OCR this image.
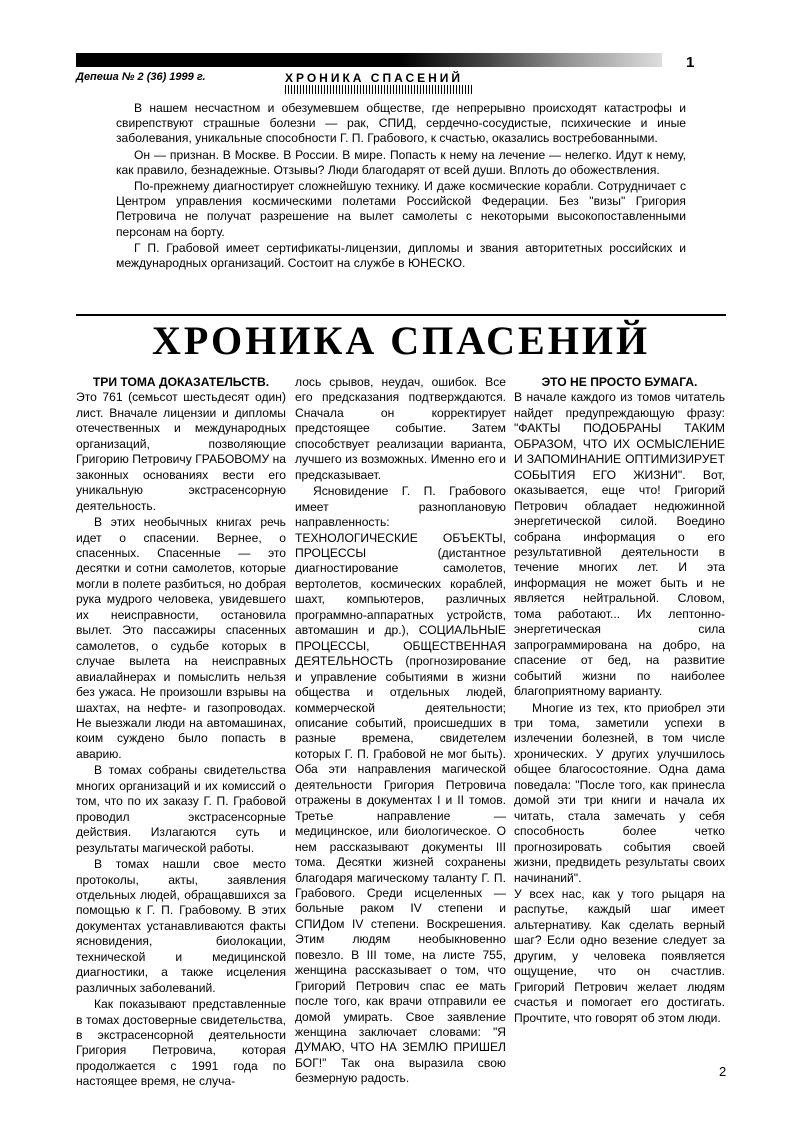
1
Депеша № 2 (36) 1999 г.	ХРОНИКА СПАСЕНИЙ

В нашем несчастном и обезумевшем обществе, где непрерывно происходят катастрофы и свирепствуют страшные болезни — рак, СПИД, сердечно-сосудистые, психические и иные заболевания, уникальные способности Г. П. Грабового, к счастью, оказались востребованными.

Он — признан. В Москве. В России. В мире. Попасть к нему на лечение — нелегко. Идут к нему, как правило, безнадежные. Отзывы? Люди благодарят от всей души. Вплоть до обожествления.

По-прежнему диагностирует сложнейшую технику. И даже космические корабли. Сотрудничает с Центром управления космическими полетами Российской Федерации. Без "визы" Григория Петровича не получат разрешение на вылет самолеты с некоторыми высокопоставленными персонам на борту.

Г П. Грабовой имеет сертификаты-лицензии, дипломы и звания авторитетных российских и международных организаций. Состоит на службе в ЮНЕСКО.

ХРОНИКА СПАСЕНИЙ
ТРИ ТОМА ДОКАЗАТЕЛЬСТВ.

Это 761 (семьсот шестьдесят один) лист. Вначале лицензии и дипломы отечественных и международных организаций, позволяющие Григорию Петровичу ГРАБОВОМУ на законных основаниях вести его уникальную экстрасенсорную деятельность.

В этих необычных книгах речь идет о спасении. Вернее, о спасенных. Спасенные — это десятки и сотни самолетов, которые могли в полете разбиться, но добрая рука мудрого человека, увидевшего их неисправности, остановила вылет. Это пассажиры спасенных самолетов, о судьбе которых в случае вылета на неисправных авиалайнерах и помыслить нельзя без ужаса. Не произошли взрывы на шахтах, на нефте- и газопроводах. Не выезжали люди на автомашинах, коим суждено было попасть в аварию.

В томах собраны свидетельства многих организаций и их комиссий о том, что по их заказу Г. П. Грабовой проводил экстрасенсорные действия. Излагаются суть и результаты магической работы.

В томах нашли свое место протоколы, акты, заявления отдельных людей, обращавшихся за помощью к Г. П. Грабовому. В этих документах устанавливаются факты ясновидения, биолокации, технической и медицинской диагностики, а также исцеления различных заболеваний.

Как показывают представленные в томах достоверные свидетельства, в экстрасенсорной деятельности Григория Петровича, которая продолжается с 1991 года по настоящее время, не случа-

лось срывов, неудач, ошибок. Все его предсказания подтверждаются. Сначала он корректирует предстоящее событие. Затем способствует реализации варианта, лучшего из возможных. Именно его и предсказывает.

Ясновидение Г. П. Грабового имеет разноплановую направленность: ТЕХНОЛОГИЧЕСКИЕ ОБЪЕКТЫ, ПРОЦЕССЫ (дистантное диагностирование самолетов, вертолетов, космических кораблей, шахт, компьютеров, различных программно-аппаратных устройств, автомашин и др.), СОЦИАЛЬНЫЕ ПРОЦЕССЫ, ОБЩЕСТВЕННАЯ ДЕЯТЕЛЬНОСТЬ (прогнозирование и управление событиями в жизни общества и отдельных людей, коммерческой деятельности; описание событий, происшедших в разные времена, свидетелем которых Г. П. Грабовой не мог быть). Оба эти направления магической деятельности Григория Петровича отражены в документах I и II томов. Третье направление — медицинское, или биологическое. О нем рассказывают документы III тома. Десятки жизней сохранены благодаря магическому таланту Г. П. Грабового. Среди исцеленных — больные раком IV степени и СПИДом IV степени. Воскрешения. Этим людям необыкновенно повезло. В III томе, на листе 755, женщина рассказывает о том, что Григорий Петрович спас ее мать после того, как врачи отправили ее домой умирать. Свое заявление женщина заключает словами: "Я ДУМАЮ, ЧТО НА ЗЕМЛЮ ПРИШЕЛ БОГ!" Так она выразила свою безмерную радость.

ЭТО НЕ ПРОСТО БУМАГА.

В начале каждого из томов читатель найдет предупреждающую фразу: "ФАКТЫ ПОДОБРАНЫ ТАКИМ ОБРАЗОМ, ЧТО ИХ ОСМЫСЛЕНИЕ И ЗАПОМИНАНИЕ ОПТИМИЗИРУЕТ СОБЫТИЯ ЕГО ЖИЗНИ". Вот, оказывается, еще что! Григорий Петрович обладает недюжинной энергетической силой. Воедино собрана информация о его результативной деятельности в течение многих лет. И эта информация не может быть и не является нейтральной. Словом, тома работают... Их лептонно-энергетическая сила запрограммирована на добро, на спасение от бед, на развитие событий жизни по наиболее благоприятному варианту.

Многие из тех, кто приобрел эти три тома, заметили успехи в излечении болезней, в том числе хронических. У других улучшилось общее благосостояние. Одна дама поведала: "После того, как принесла домой эти три книги и начала их читать, стала замечать у себя способность более четко прогнозировать события своей жизни, предвидеть результаты своих начинаний".

У всех нас, как у того рыцаря на распутье, каждый шаг имеет альтернативу. Как сделать верный шаг? Если одно везение следует за другим, у человека появляется ощущение, что он счастлив. Григорий Петрович желает людям счастья и помогает его достигать. Прочтите, что говорят об этом люди.

2
